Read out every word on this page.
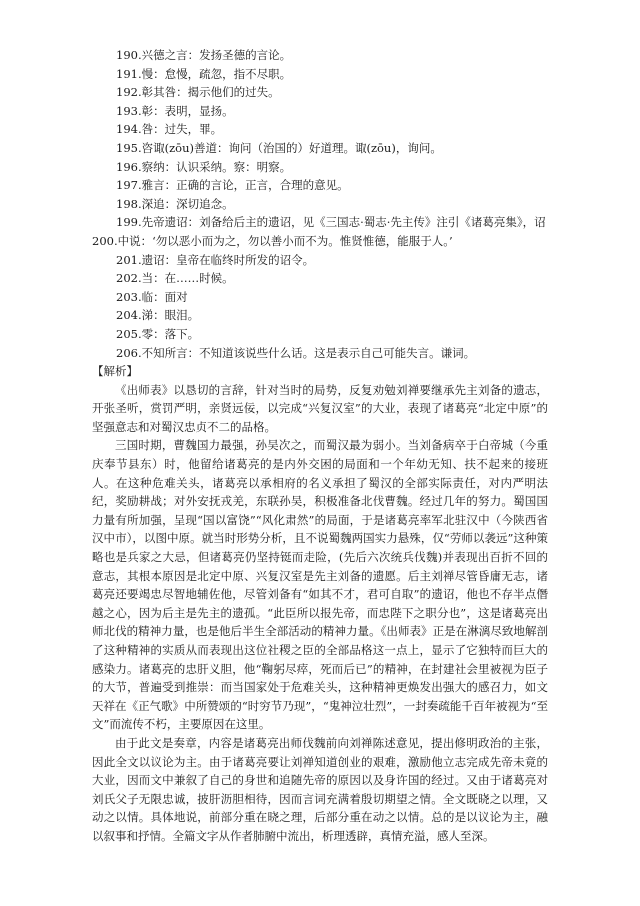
190.兴德之言：发扬圣德的言论。

191.慢：怠慢，疏忽，指不尽职。

192.彰其咎：揭示他们的过失。

193.彰：表明，显扬。

194.咎：过失，罪。

195.咨诹(zōu)善道：询问（治国的）好道理。诹(zōu)，询问。

196.察纳：认识采纳。察：明察。

197.雅言：正确的言论，正言，合理的意见。

198.深追：深切追念。

199.先帝遗诏：刘备给后主的遗诏，见《三国志·蜀志·先主传》注引《诸葛亮集》，诏 200.中说：‘勿以恶小而为之，勿以善小而不为。惟贤惟德，能服于人。’

201.遗诏：皇帝在临终时所发的诏令。

202.当：在……时候。

203.临：面对

204.涕：眼泪。

205.零：落下。

206.不知所言：不知道该说些什么话。这是表示自己可能失言。谦词。

【解析】

《出师表》以恳切的言辞，针对当时的局势，反复劝勉刘禅要继承先主刘备的遗志，开张圣听，赏罚严明，亲贤远佞，以完成“兴复汉室”的大业，表现了诸葛亮“北定中原”的坚强意志和对蜀汉忠贞不二的品格。

三国时期，曹魏国力最强，孙吴次之，而蜀汉最为弱小。当刘备病卒于白帝城（今重庆奉节县东）时，他留给诸葛亮的是内外交困的局面和一个年幼无知、扶不起来的接班人。在这种危难关头，诸葛亮以承相府的名义承担了蜀汉的全部实际责任，对内严明法纪，奖励耕战；对外安抚戎羌，东联孙吴，积极准备北伐曹魏。经过几年的努力。蜀国国力量有所加强，呈现“国以富饶”“风化肃然”的局面，于是诸葛亮率军北驻汉中（今陕西省汉中市），以图中原。就当时形势分析，且不说蜀魏两国实力悬殊，仅“劳师以袭远”这种策略也是兵家之大忌，但诸葛亮仍坚持铤而走险，(先后六次统兵伐魏)并表现出百折不回的意志，其根本原因是北定中原、兴复汉室是先主刘备的遗愿。后主刘禅尽管昏庸无志，诸葛亮还要竭忠尽智地辅佐他，尽管刘备有“如其不才，君可自取”的遗诏，他也不存半点僭越之心，因为后主是先主的遗孤。“此臣所以报先帝，而忠陛下之职分也”，这是诸葛亮出师北伐的精神力量，也是他后半生全部活动的精神力量。《出师表》正是在淋漓尽致地解剖了这种精神的实质从而表现出这位社稷之臣的全部品格这一点上，显示了它独特而巨大的感染力。诸葛亮的忠肝义胆，他“鞠躬尽瘁，死而后已”的精神，在封建社会里被视为臣子的大节，普遍受到推崇：而当国家处于危难关头，这种精神更焕发出强大的感召力，如文天祥在《正气歌》中所赞颂的“时穷节乃现”，“鬼神泣壮烈”，一封奏疏能千百年被视为“至文”而流传不朽，主要原因在这里。

由于此文是奏章，内容是诸葛亮出师伐魏前向刘禅陈述意见，提出修明政治的主张，因此全文以议论为主。由于诸葛亮要让刘禅知道创业的艰难，激励他立志完成先帝未竟的大业，因而文中兼叙了自己的身世和追随先帝的原因以及身许国的经过。又由于诸葛亮对刘氏父子无限忠诚，披肝沥胆相待，因而言词充满着殷切期望之情。全文既晓之以理，又动之以情。具体地说，前部分重在晓之理，后部分重在动之以情。总的是以议论为主，融以叙事和抒情。全篇文字从作者肺腑中流出，析理透辟，真情充溢，感人至深。
